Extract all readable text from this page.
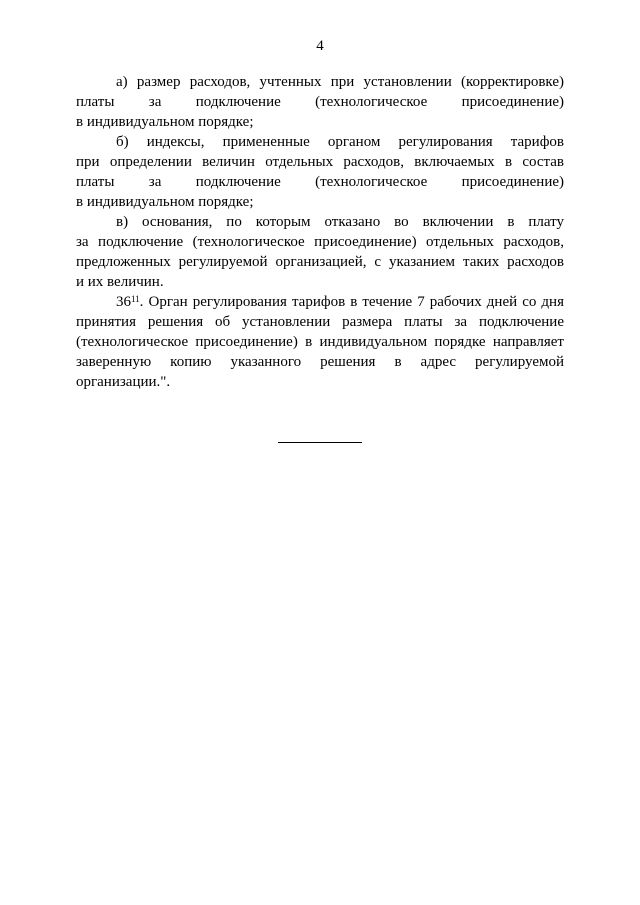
4
а) размер расходов, учтенных при установлении (корректировке)
платы за подключение (технологическое присоединение)
в индивидуальном порядке;
б) индексы, примененные органом регулирования тарифов
при определении величин отдельных расходов, включаемых в состав
платы за подключение (технологическое присоединение)
в индивидуальном порядке;
в) основания, по которым отказано во включении в плату
за подключение (технологическое присоединение) отдельных расходов,
предложенных регулируемой организацией, с указанием таких расходов
и их величин.
$36^{11}$. Орган регулирования тарифов в течение 7 рабочих дней со дня
принятия решения об установлении размера платы за подключение
(технологическое присоединение) в индивидуальном порядке направляет
заверенную копию указанного решения в адрес регулируемой
организации.".
